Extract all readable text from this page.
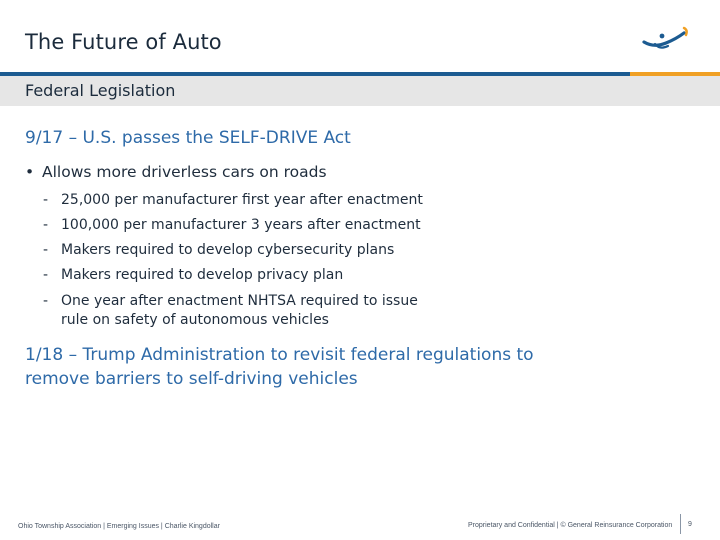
The Future of Auto
Federal Legislation
9/17 – U.S. passes the SELF-DRIVE Act
• Allows more driverless cars on roads
- 25,000 per manufacturer first year after enactment
- 100,000 per manufacturer 3 years after enactment
- Makers required to develop cybersecurity plans
- Makers required to develop privacy plan
- One year after enactment NHTSA required to issue rule on safety of autonomous vehicles
1/18 – Trump Administration to revisit federal regulations to remove barriers to self-driving vehicles
Ohio Township Association | Emerging Issues | Charlie Kingdollar	Proprietary and Confidential | © General Reinsurance Corporation 9
